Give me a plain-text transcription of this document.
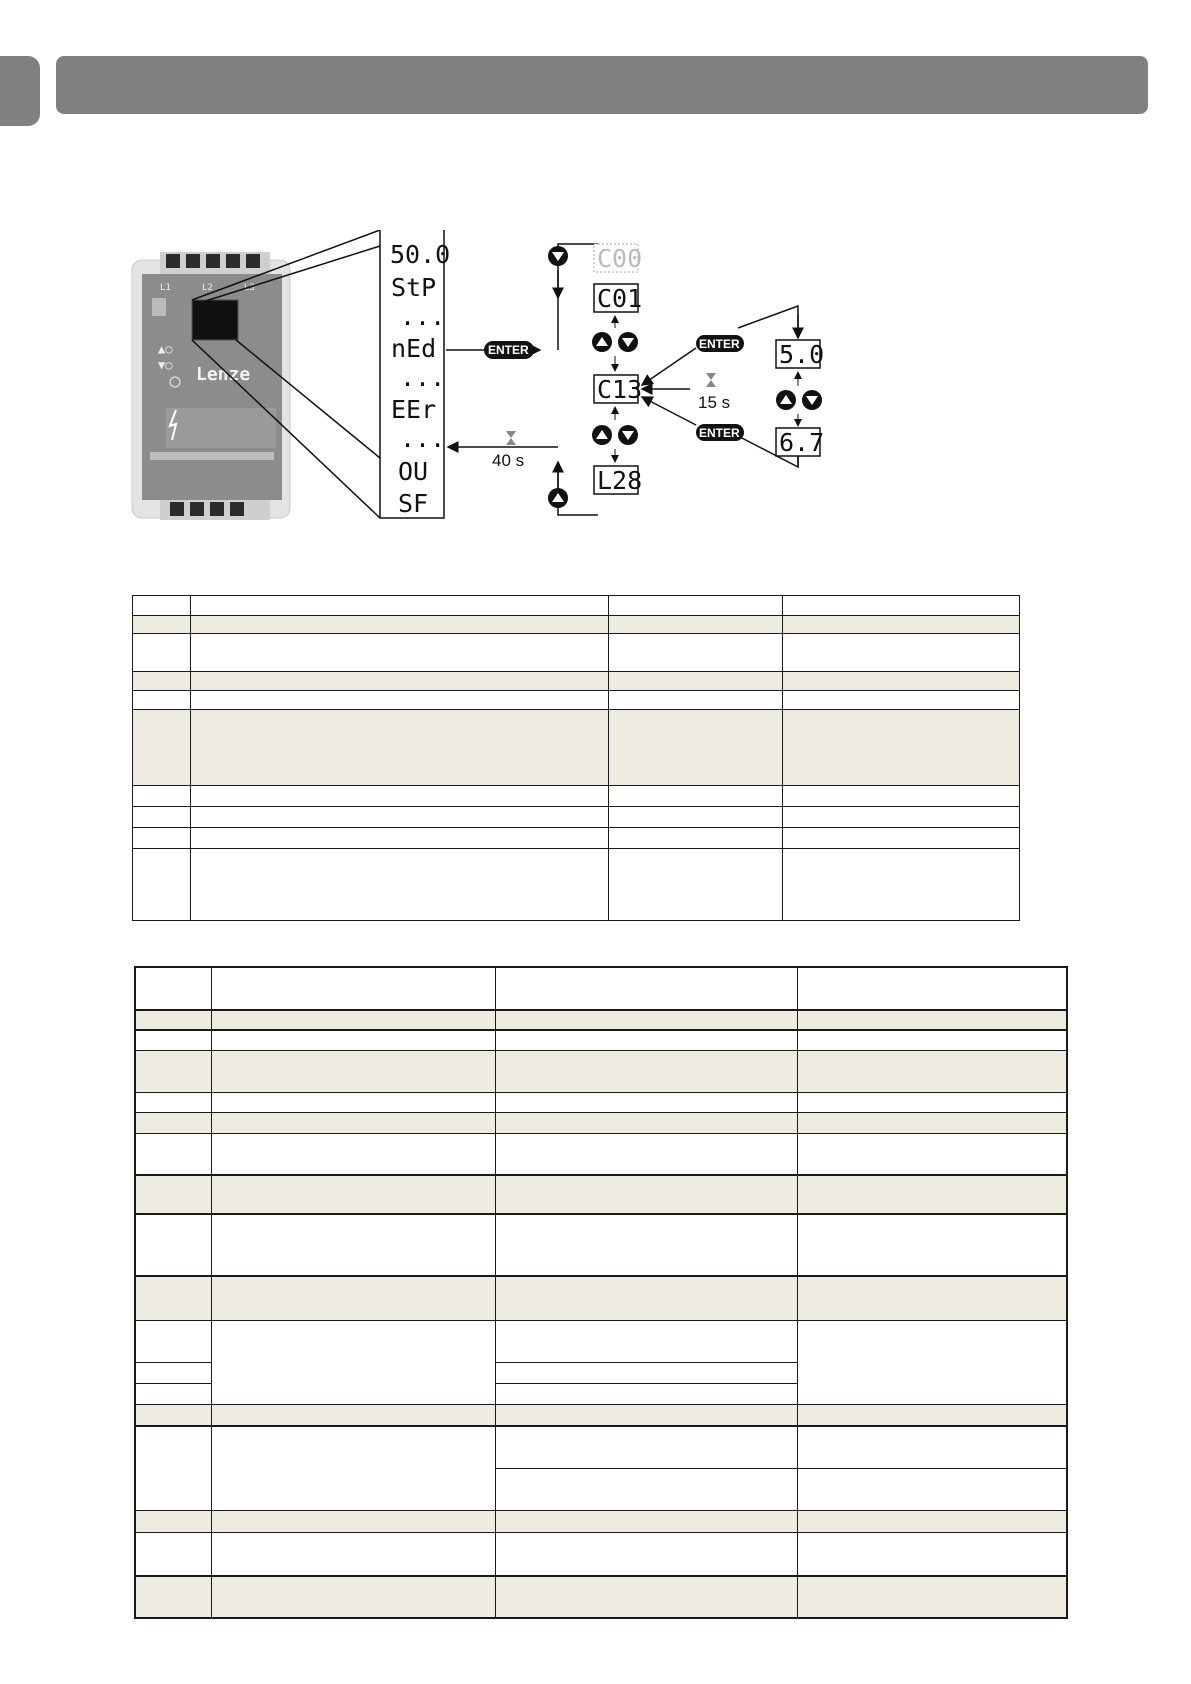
L1	L2	L3
▲○
▼○ Lenze
50.0
StP
...
nEd
...
EEr
...
OU
SF
ENTER
40 s
C00
C01
C13
L28
ENTER
ENTER
15 s
5.0
6.7
